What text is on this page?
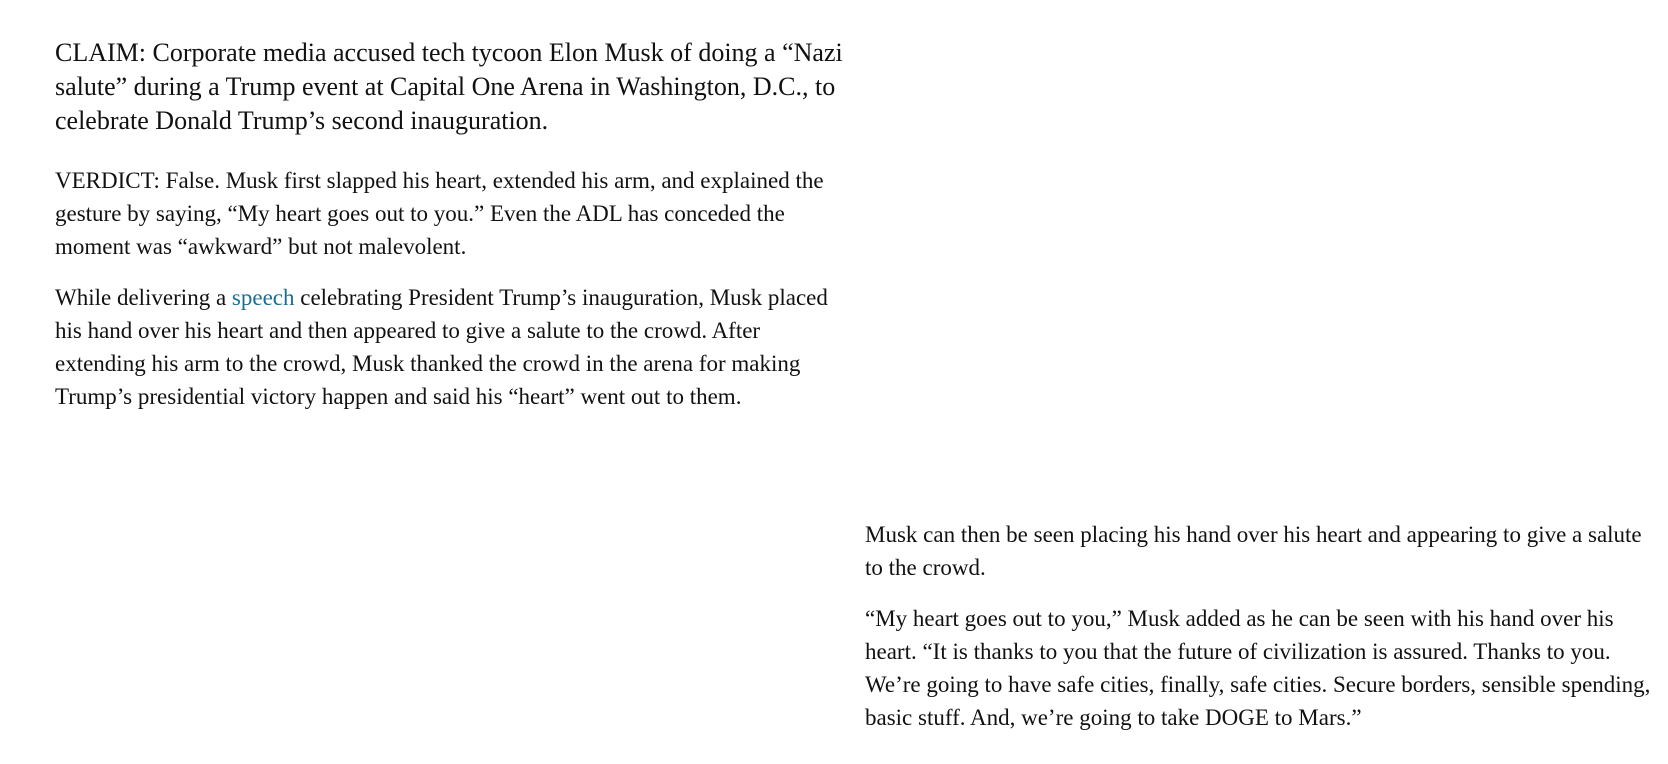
CLAIM: Corporate media accused tech tycoon Elon Musk of doing a “Nazi salute” during a Trump event at Capital One Arena in Washington, D.C., to celebrate Donald Trump’s second inauguration.

VERDICT: False. Musk first slapped his heart, extended his arm, and explained the gesture by saying, “My heart goes out to you.” Even the ADL has conceded the moment was “awkward” but not malevolent.

While delivering a speech celebrating President Trump’s inauguration, Musk placed his hand over his heart and then appeared to give a salute to the crowd. After extending his arm to the crowd, Musk thanked the crowd in the arena for making Trump’s presidential victory happen and said his “heart” went out to them.

Musk can then be seen placing his hand over his heart and appearing to give a salute to the crowd.

“My heart goes out to you,” Musk added as he can be seen with his hand over his heart. “It is thanks to you that the future of civilization is assured. Thanks to you. We’re going to have safe cities, finally, safe cities. Secure borders, sensible spending, basic stuff. And, we’re going to take DOGE to Mars.”
